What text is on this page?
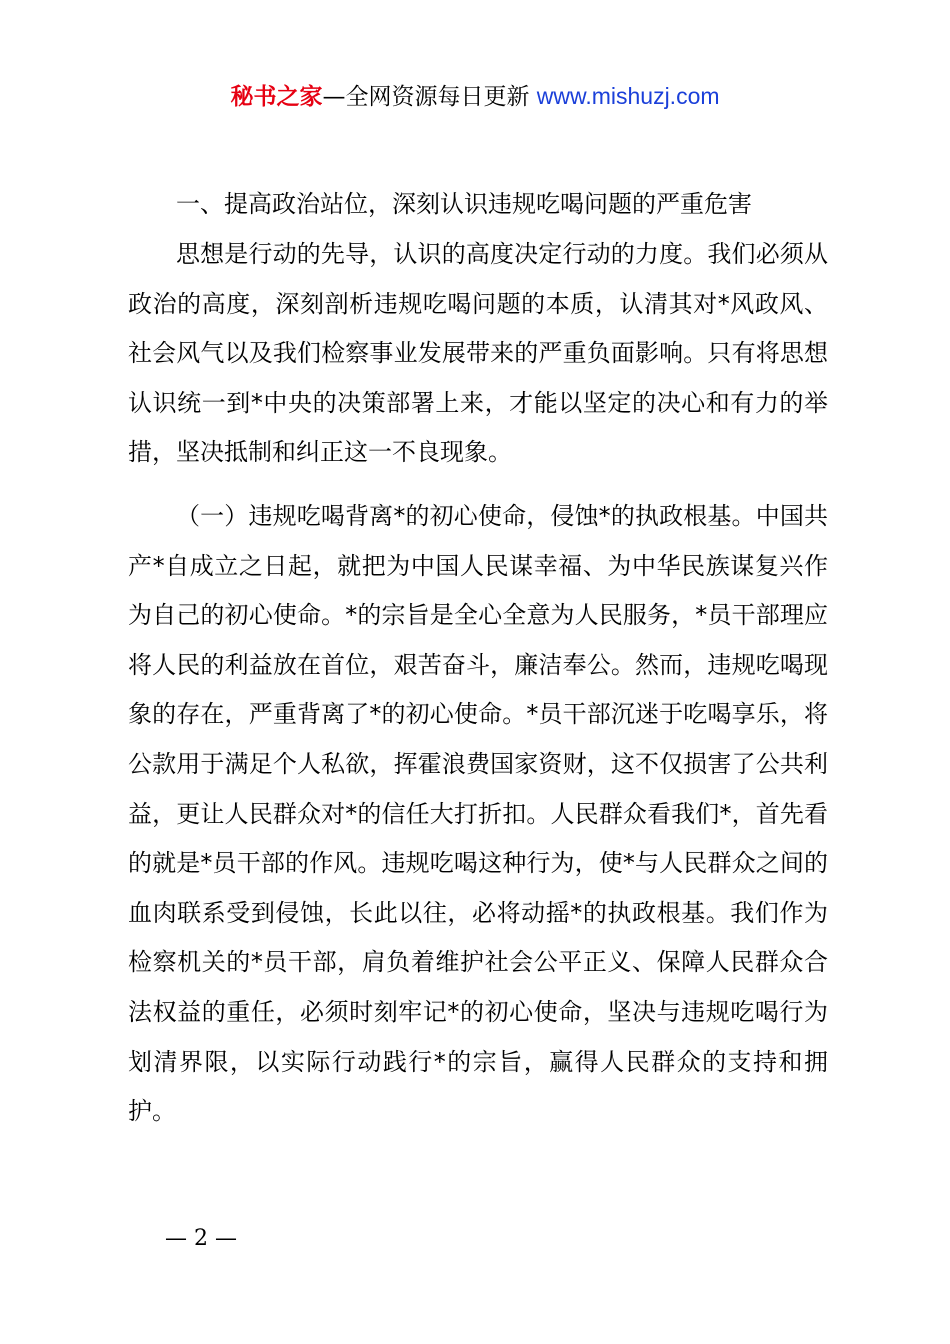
秘书之家—全网资源每日更新 www.mishuzj.com

一、提高政治站位，深刻认识违规吃喝问题的严重危害

思想是行动的先导，认识的高度决定行动的力度。我们必须从政治的高度，深刻剖析违规吃喝问题的本质，认清其对*风政风、社会风气以及我们检察事业发展带来的严重负面影响。只有将思想认识统一到*中央的决策部署上来，才能以坚定的决心和有力的举措，坚决抵制和纠正这一不良现象。

（一）违规吃喝背离*的初心使命，侵蚀*的执政根基。中国共产*自成立之日起，就把为中国人民谋幸福、为中华民族谋复兴作为自己的初心使命。*的宗旨是全心全意为人民服务，*员干部理应将人民的利益放在首位，艰苦奋斗，廉洁奉公。然而，违规吃喝现象的存在，严重背离了*的初心使命。*员干部沉迷于吃喝享乐，将公款用于满足个人私欲，挥霍浪费国家资财，这不仅损害了公共利益，更让人民群众对*的信任大打折扣。人民群众看我们*，首先看的就是*员干部的作风。违规吃喝这种行为，使*与人民群众之间的血肉联系受到侵蚀，长此以往，必将动摇*的执政根基。我们作为检察机关的*员干部，肩负着维护社会公平正义、保障人民群众合法权益的重任，必须时刻牢记*的初心使命，坚决与违规吃喝行为划清界限，以实际行动践行*的宗旨，赢得人民群众的支持和拥护。

— 2 —
